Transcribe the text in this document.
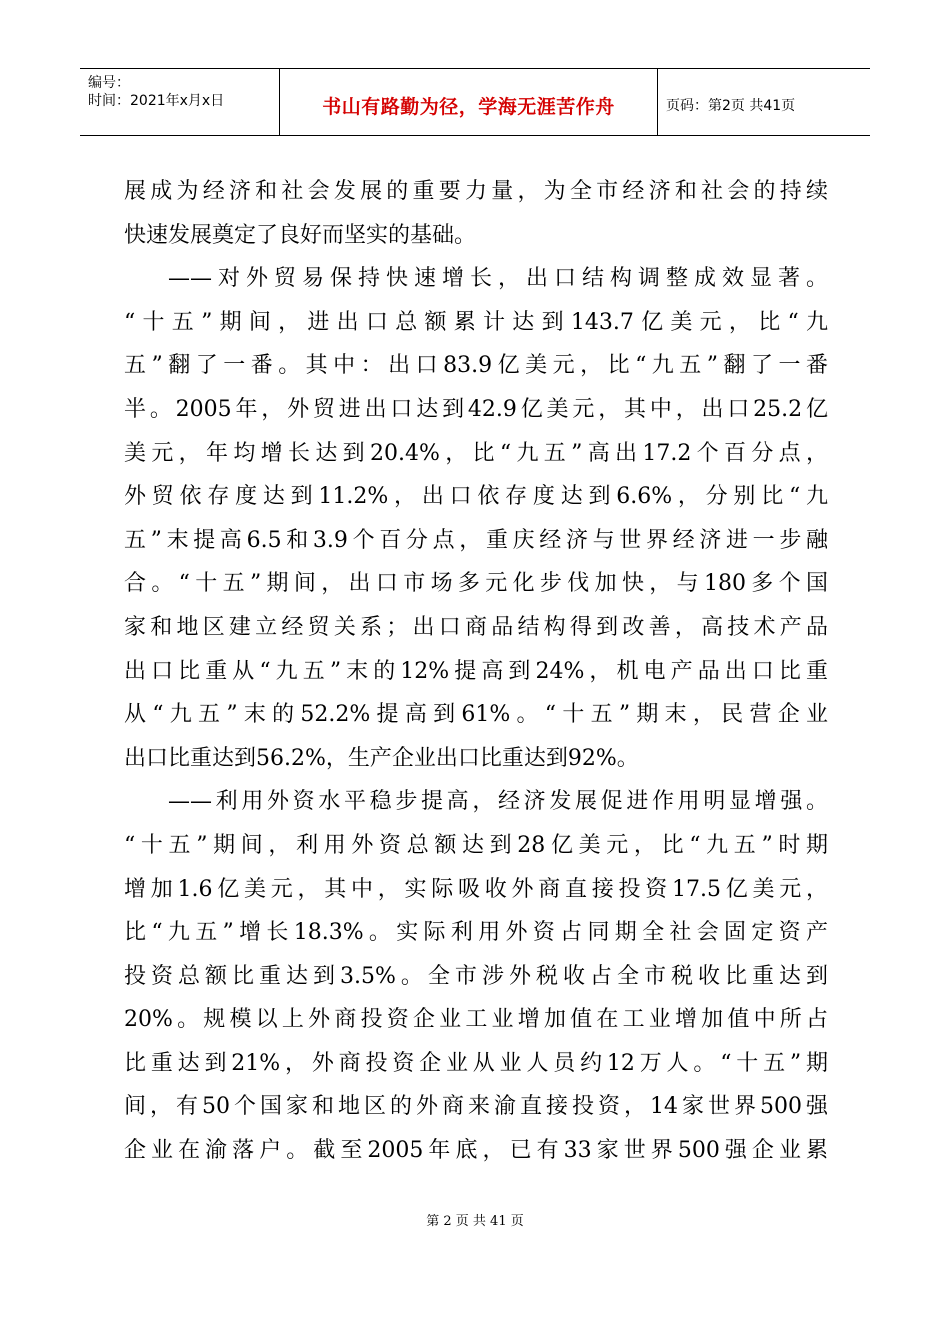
编号：
时间：2021年x月x日	书山有路勤为径，学海无涯苦作舟	页码：第2页 共41页
展成为经济和社会发展的重要力量，为全市经济和社会的持续
快速发展奠定了良好而坚实的基础。
——对外贸易保持快速增长，出口结构调整成效显著。
“十五”期间，进出口总额累计达到143.7亿美元，比“九
五”翻了一番。其中：出口83.9亿美元，比“九五”翻了一番
半。2005年，外贸进出口达到42.9亿美元，其中，出口25.2亿
美元，年均增长达到20.4%，比“九五”高出17.2个百分点，
外贸依存度达到11.2%，出口依存度达到6.6%，分别比“九
五”末提高6.5和3.9个百分点，重庆经济与世界经济进一步融
合。“十五”期间，出口市场多元化步伐加快，与180多个国
家和地区建立经贸关系；出口商品结构得到改善，高技术产品
出口比重从“九五”末的12%提高到24%，机电产品出口比重
从“九五”末的52.2%提高到61%。“十五”期末，民营企业
出口比重达到56.2%，生产企业出口比重达到92%。
——利用外资水平稳步提高，经济发展促进作用明显增强。
“十五”期间，利用外资总额达到28亿美元，比“九五”时期
增加1.6亿美元，其中，实际吸收外商直接投资17.5亿美元，
比“九五”增长18.3%。实际利用外资占同期全社会固定资产
投资总额比重达到3.5%。全市涉外税收占全市税收比重达到
20%。规模以上外商投资企业工业增加值在工业增加值中所占
比重达到21%，外商投资企业从业人员约12万人。“十五”期
间，有50个国家和地区的外商来渝直接投资，14家世界500强
企业在渝落户。截至2005年底，已有33家世界500强企业累
第 2 页 共 41 页
